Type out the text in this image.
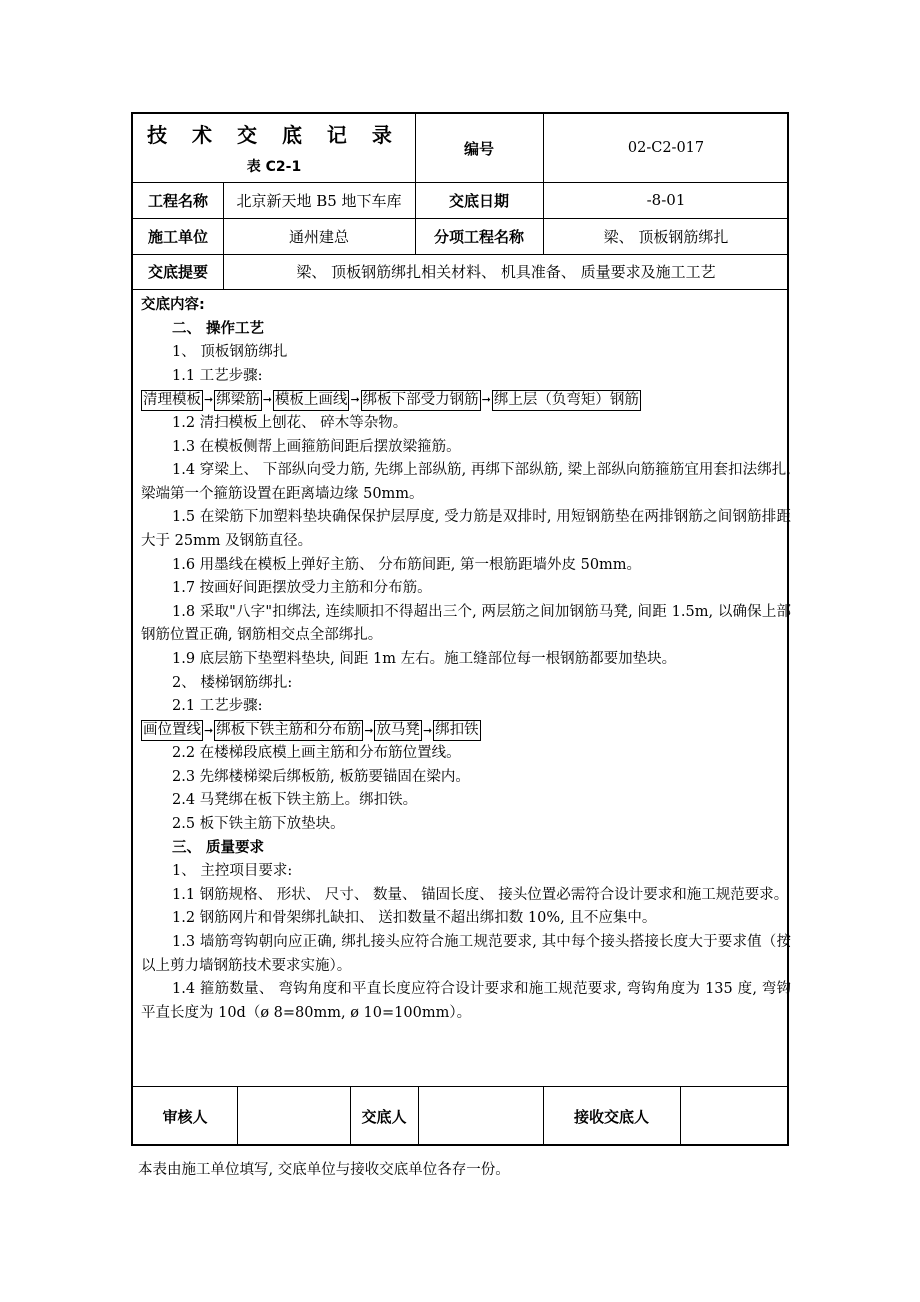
技 术 交 底 记 录
表 C2-1
编号	02-C2-017
工程名称	北京新天地 B5 地下车库	交底日期	-8-01
施工单位	通州建总	分项工程名称	梁、 顶板钢筋绑扎
交底提要	梁、 顶板钢筋绑扎相关材料、 机具准备、 质量要求及施工工艺
交底内容:
二、 操作工艺
1、 顶板钢筋绑扎
1.1 工艺步骤:
清理模板 ➞ 绑梁筋 ➞ 模板上画线 ➞ 绑板下部受力钢筋 ➞ 绑上层（负弯矩）钢筋
1.2 清扫模板上刨花、 碎木等杂物。
1.3 在模板侧帮上画箍筋间距后摆放梁箍筋。
1.4 穿梁上、 下部纵向受力筋, 先绑上部纵筋, 再绑下部纵筋, 梁上部纵向筋箍筋宜用套扣法绑扎, 梁端第一个箍筋设置在距离墙边缘 50mm。
1.5 在梁筋下加塑料垫块确保保护层厚度, 受力筋是双排时, 用短钢筋垫在两排钢筋之间钢筋排距大于 25mm 及钢筋直径。
1.6 用墨线在模板上弹好主筋、 分布筋间距, 第一根筋距墙外皮 50mm。
1.7 按画好间距摆放受力主筋和分布筋。
1.8 采取"八字"扣绑法, 连续顺扣不得超出三个, 两层筋之间加钢筋马凳, 间距 1.5m, 以确保上部钢筋位置正确, 钢筋相交点全部绑扎。
1.9 底层筋下垫塑料垫块, 间距 1m 左右。施工缝部位每一根钢筋都要加垫块。
2、 楼梯钢筋绑扎:
2.1 工艺步骤:
画位置线 ➞ 绑板下铁主筋和分布筋 ➞ 放马凳 ➞ 绑扣铁
2.2 在楼梯段底模上画主筋和分布筋位置线。
2.3 先绑楼梯梁后绑板筋, 板筋要锚固在梁内。
2.4 马凳绑在板下铁主筋上。绑扣铁。
2.5 板下铁主筋下放垫块。
三、 质量要求
1、 主控项目要求:
1.1 钢筋规格、 形状、 尺寸、 数量、 锚固长度、 接头位置必需符合设计要求和施工规范要求。
1.2 钢筋网片和骨架绑扎缺扣、 送扣数量不超出绑扣数 10%, 且不应集中。
1.3 墙筋弯钩朝向应正确, 绑扎接头应符合施工规范要求, 其中每个接头搭接长度大于要求值（按以上剪力墙钢筋技术要求实施）。
1.4 箍筋数量、 弯钩角度和平直长度应符合设计要求和施工规范要求, 弯钩角度为 135 度, 弯钩平直长度为 10d（ø 8=80mm, ø 10=100mm）。
审核人	交底人	接收交底人
本表由施工单位填写, 交底单位与接收交底单位各存一份。
